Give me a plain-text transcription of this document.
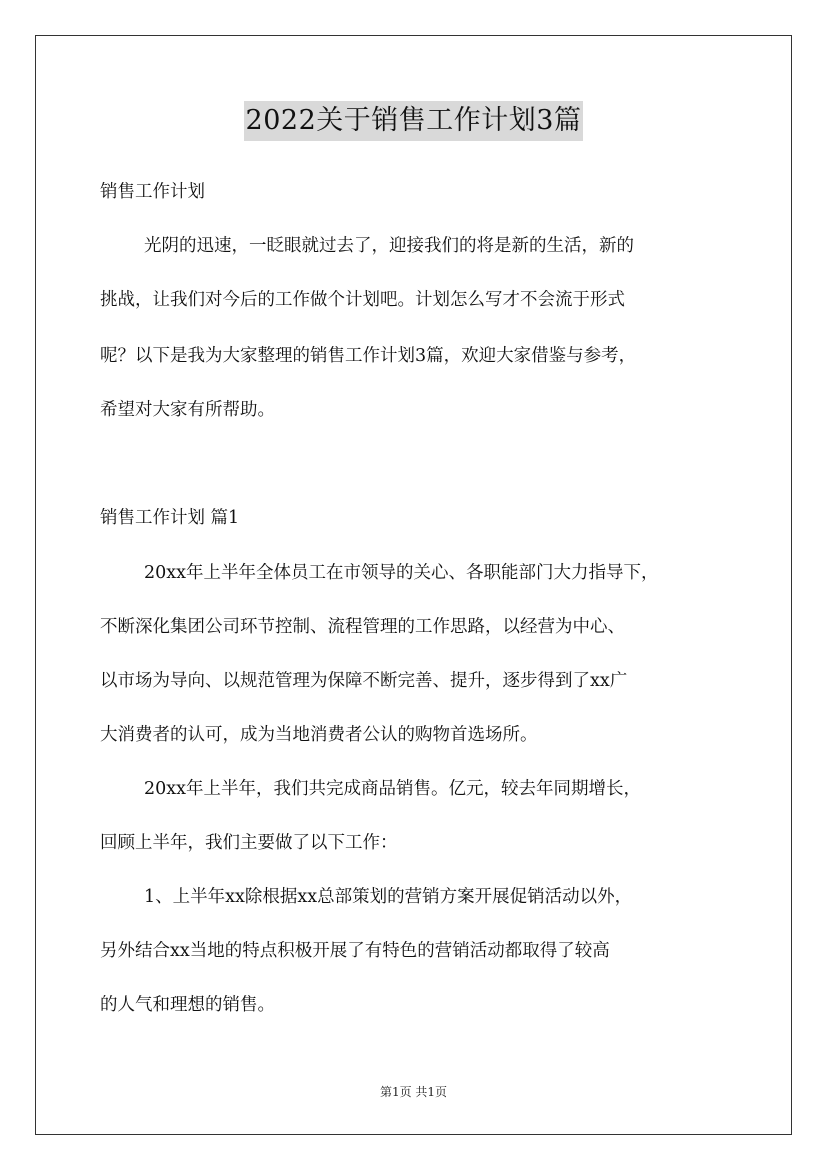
2022关于销售工作计划3篇
销售工作计划
光阴的迅速，一眨眼就过去了，迎接我们的将是新的生活，新的
挑战，让我们对今后的工作做个计划吧。计划怎么写才不会流于形式
呢？以下是我为大家整理的销售工作计划3篇，欢迎大家借鉴与参考，
希望对大家有所帮助。
销售工作计划 篇1
20xx年上半年全体员工在市领导的关心、各职能部门大力指导下，
不断深化集团公司环节控制、流程管理的工作思路，以经营为中心、
以市场为导向、以规范管理为保障不断完善、提升，逐步得到了xx广
大消费者的认可，成为当地消费者公认的购物首选场所。
20xx年上半年，我们共完成商品销售。亿元，较去年同期增长，
回顾上半年，我们主要做了以下工作：
1、上半年xx除根据xx总部策划的营销方案开展促销活动以外，
另外结合xx当地的特点积极开展了有特色的营销活动都取得了较高
的人气和理想的销售。
第1页 共1页
